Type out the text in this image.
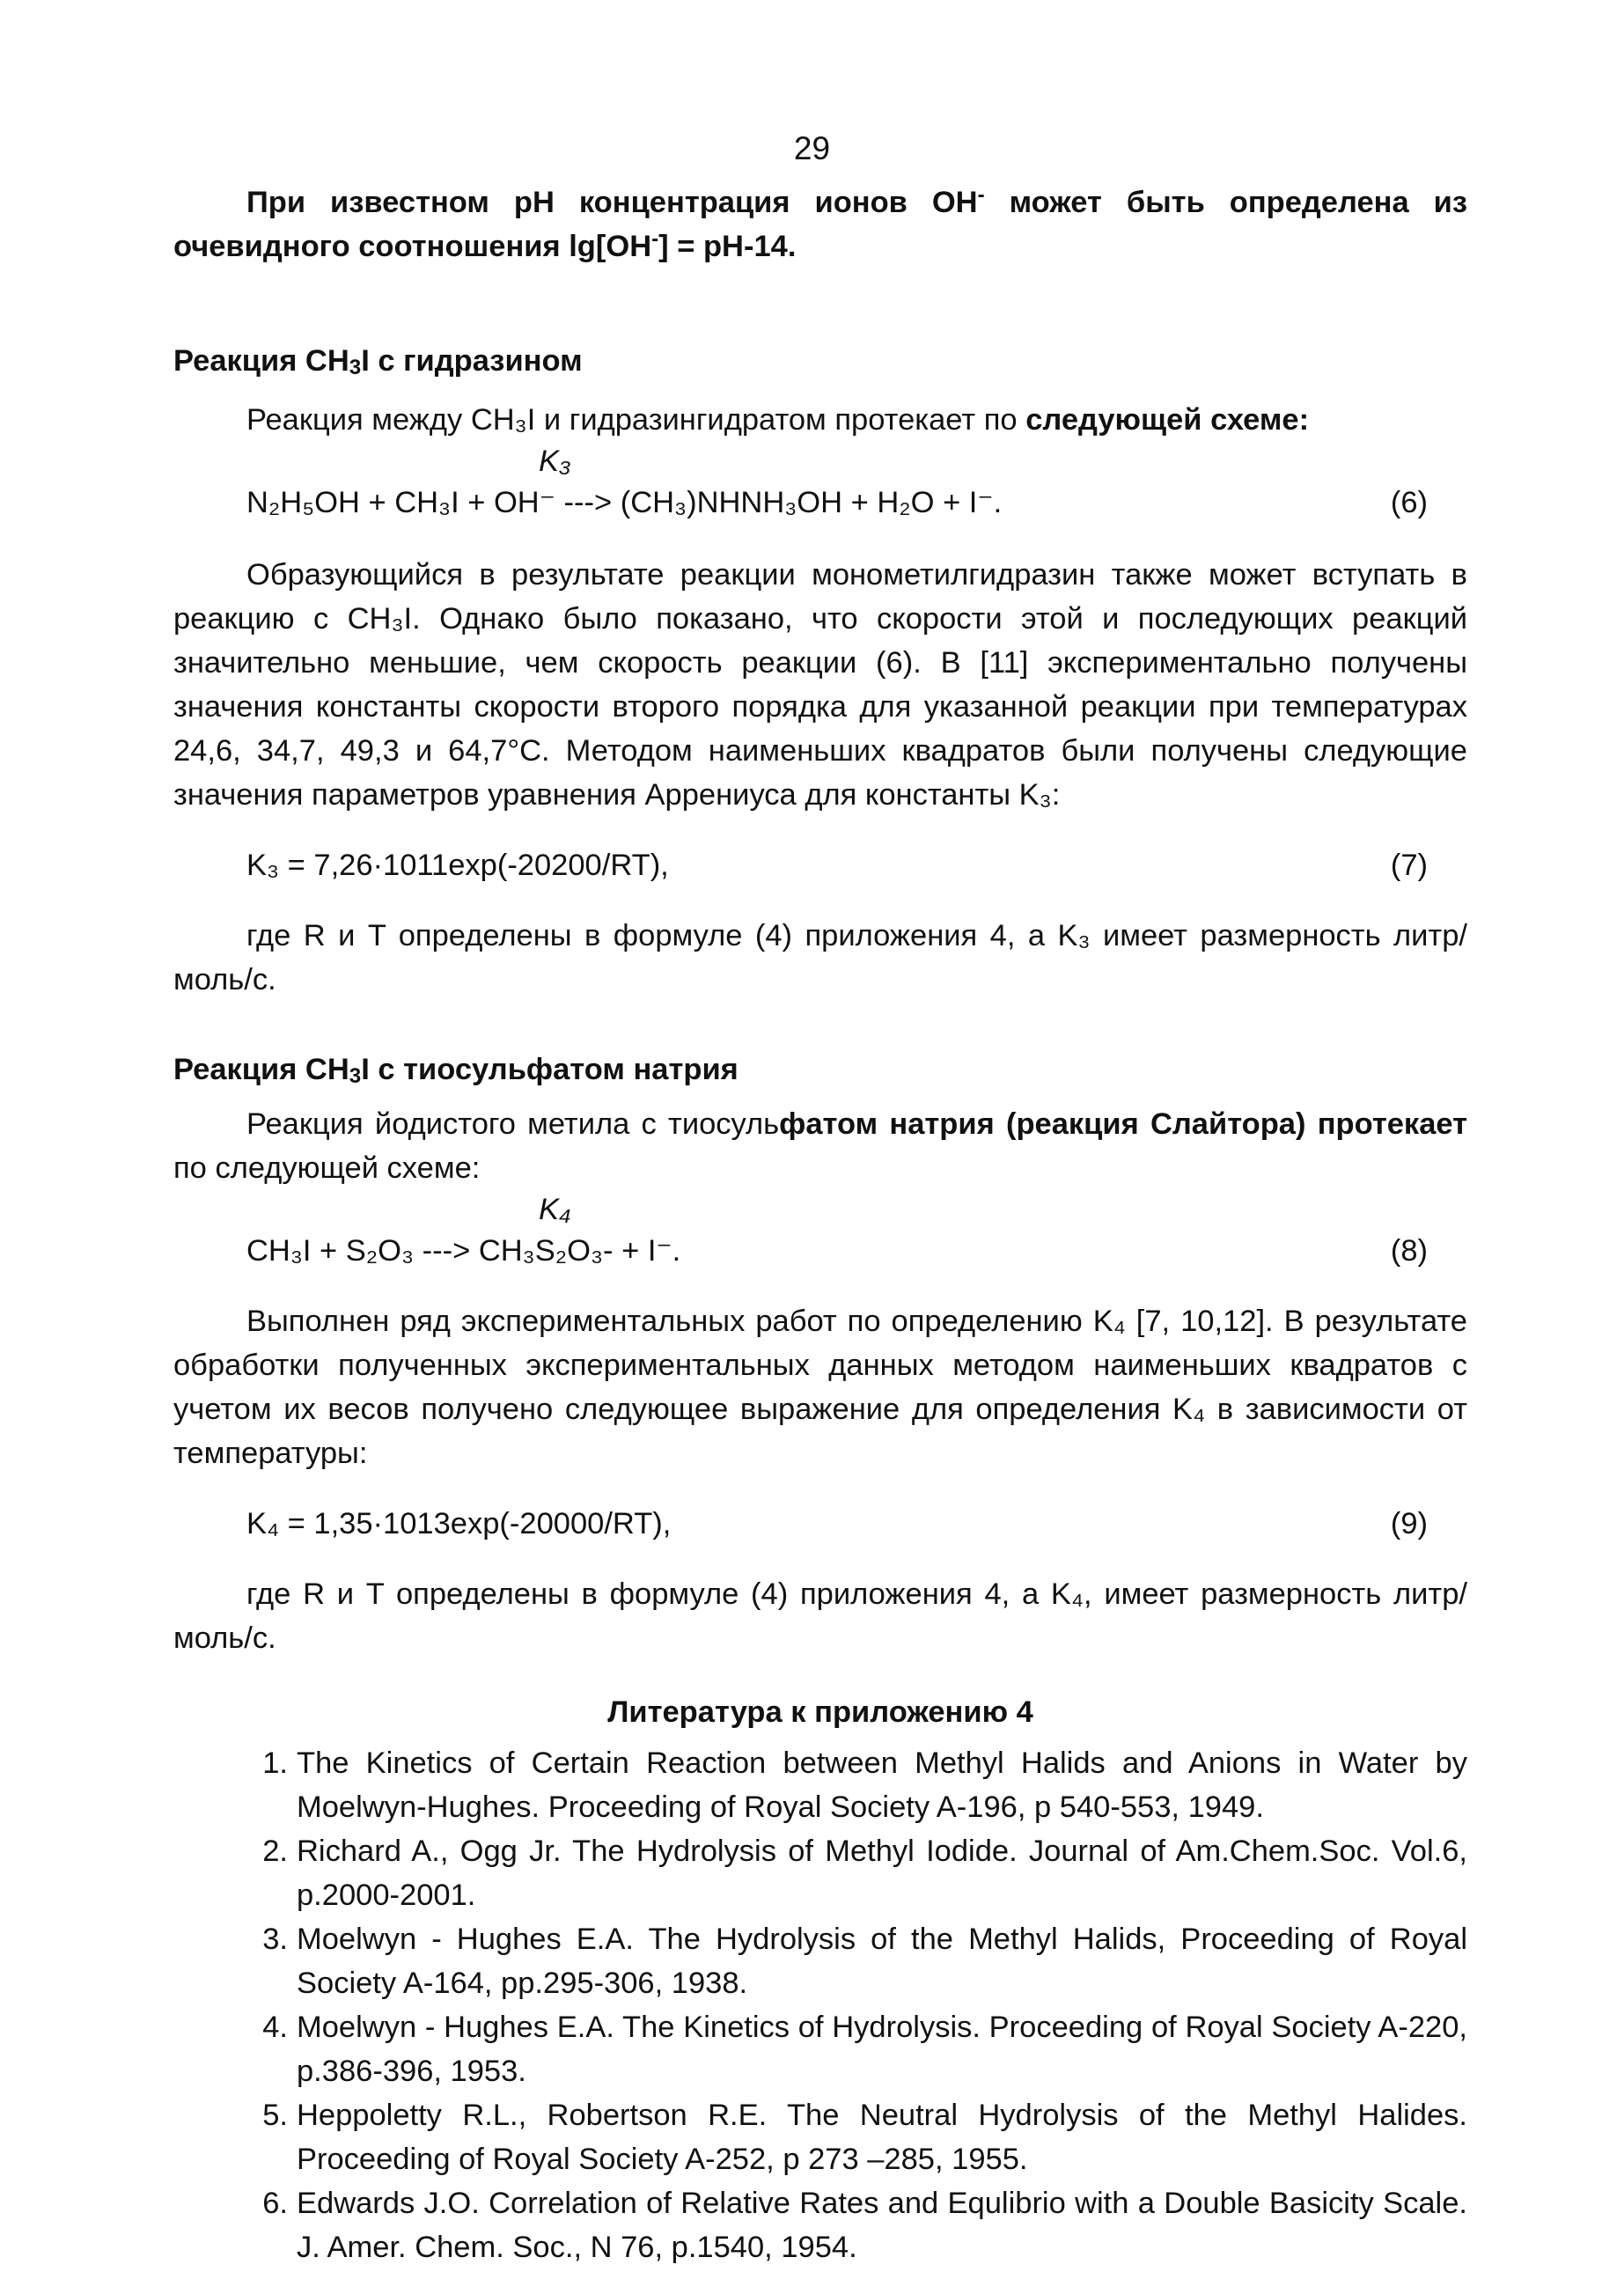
29

При известном pH концентрация ионов OH- может быть определена из очевидного соотношения lg[OH-] = pH-14.

Реакция $CH_3I$ с гидразином

Реакция между CH₃I и гидразингидратом протекает по следующей схеме:

K₃
N₂H₅OH + CH₃I + OH⁻ ---> (CH₃)NHNH₃OH + H₂O + I⁻.	(6)

Образующийся в результате реакции монометилгидразин также может вступать в реакцию с CH₃I. Однако было показано, что скорости этой и последующих реакций значительно меньшие, чем скорость реакции (6). В [11] экспериментально получены значения константы скорости второго порядка для указанной реакции при температурах 24,6, 34,7, 49,3 и 64,7°С. Методом наименьших квадратов были получены следующие значения параметров уравнения Аррениуса для константы K₃:

K₃ = 7,26·1011exp(-20200/RT),	(7)

где R и T определены в формуле (4) приложения 4, а K₃ имеет размерность литр/моль/с.

Реакция $CH_3I$ с тиосульфатом натрия

Реакция йодистого метила с тиосульфатом натрия (реакция Слайтора) протекает по следующей схеме:

K₄
CH₃I + S₂O₃ ---> CH₃S₂O₃- + I⁻.	(8)

Выполнен ряд экспериментальных работ по определению K₄ [7, 10,12]. В результате обработки полученных экспериментальных данных методом наименьших квадратов с учетом их весов получено следующее выражение для определения K₄ в зависимости от температуры:

K₄ = 1,35·1013exp(-20000/RT),	(9)

где R и T определены в формуле (4) приложения 4, а K₄, имеет размерность литр/моль/с.

Литература к приложению 4

1. The Kinetics of Certain Reaction between Methyl Halids and Anions in Water by Moelwyn-Hughes. Proceeding of Royal Society A-196, p 540-553, 1949.
2. Richard A., Ogg Jr. The Hydrolysis of Methyl Iodide. Journal of Am.Chem.Soc. Vol.6, p.2000-2001.
3. Moelwyn - Hughes E.A. The Hydrolysis of the Methyl Halids, Proceeding of Royal Society A-164, pp.295-306, 1938.
4. Moelwyn - Hughes E.A. The Kinetics of Hydrolysis. Proceeding of Royal Society A-220, p.386-396, 1953.
5. Heppoletty R.L., Robertson R.E. The Neutral Hydrolysis of the Methyl Halides. Proceeding of Royal Society A-252, p 273 –285, 1955.
6. Edwards J.O. Correlation of Relative Rates and Equlibrio with a Double Basicity Scale. J. Amer. Chem. Soc., N 76, p.1540, 1954.
